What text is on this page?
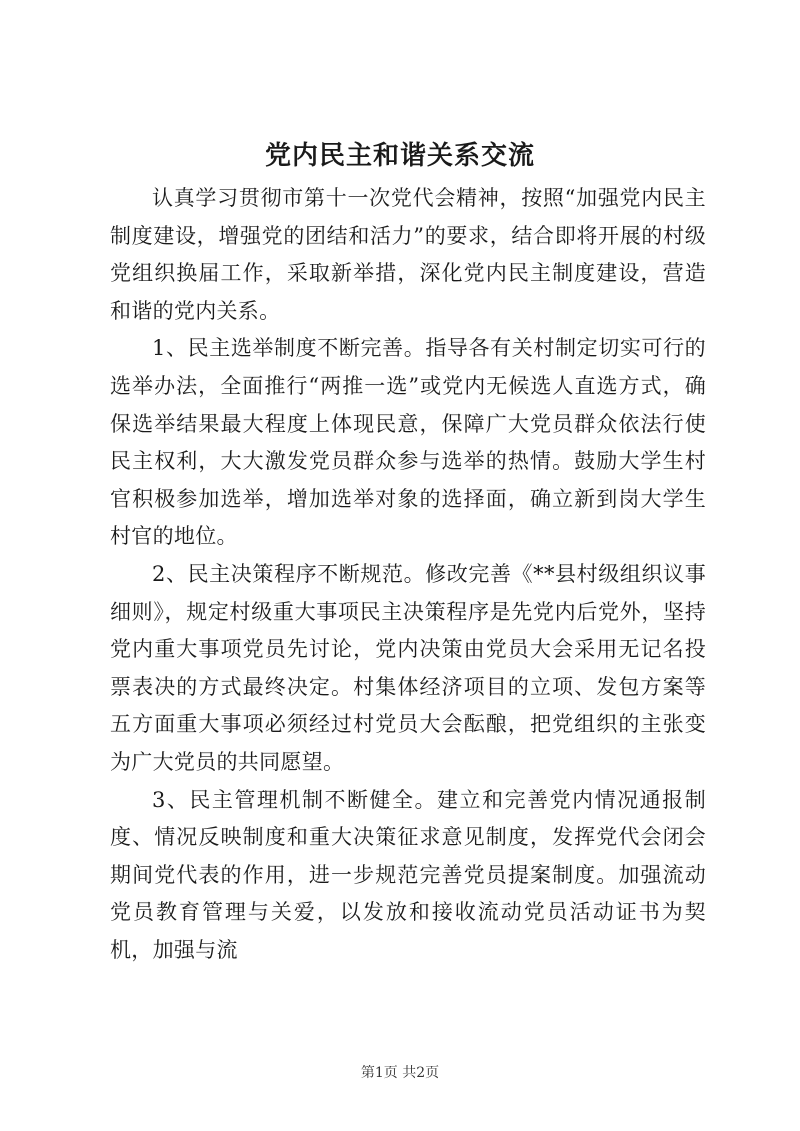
党内民主和谐关系交流

认真学习贯彻市第十一次党代会精神，按照“加强党内民主制度建设，增强党的团结和活力”的要求，结合即将开展的村级党组织换届工作，采取新举措，深化党内民主制度建设，营造和谐的党内关系。

1、民主选举制度不断完善。指导各有关村制定切实可行的选举办法，全面推行“两推一选”或党内无候选人直选方式，确保选举结果最大程度上体现民意，保障广大党员群众依法行使民主权利，大大激发党员群众参与选举的热情。鼓励大学生村官积极参加选举，增加选举对象的选择面，确立新到岗大学生村官的地位。

2、民主决策程序不断规范。修改完善《**县村级组织议事细则》，规定村级重大事项民主决策程序是先党内后党外，坚持党内重大事项党员先讨论，党内决策由党员大会采用无记名投票表决的方式最终决定。村集体经济项目的立项、发包方案等五方面重大事项必须经过村党员大会酝酿，把党组织的主张变为广大党员的共同愿望。

3、民主管理机制不断健全。建立和完善党内情况通报制度、情况反映制度和重大决策征求意见制度，发挥党代会闭会期间党代表的作用，进一步规范完善党员提案制度。加强流动党员教育管理与关爱，以发放和接收流动党员活动证书为契机，加强与流

第1页 共2页
